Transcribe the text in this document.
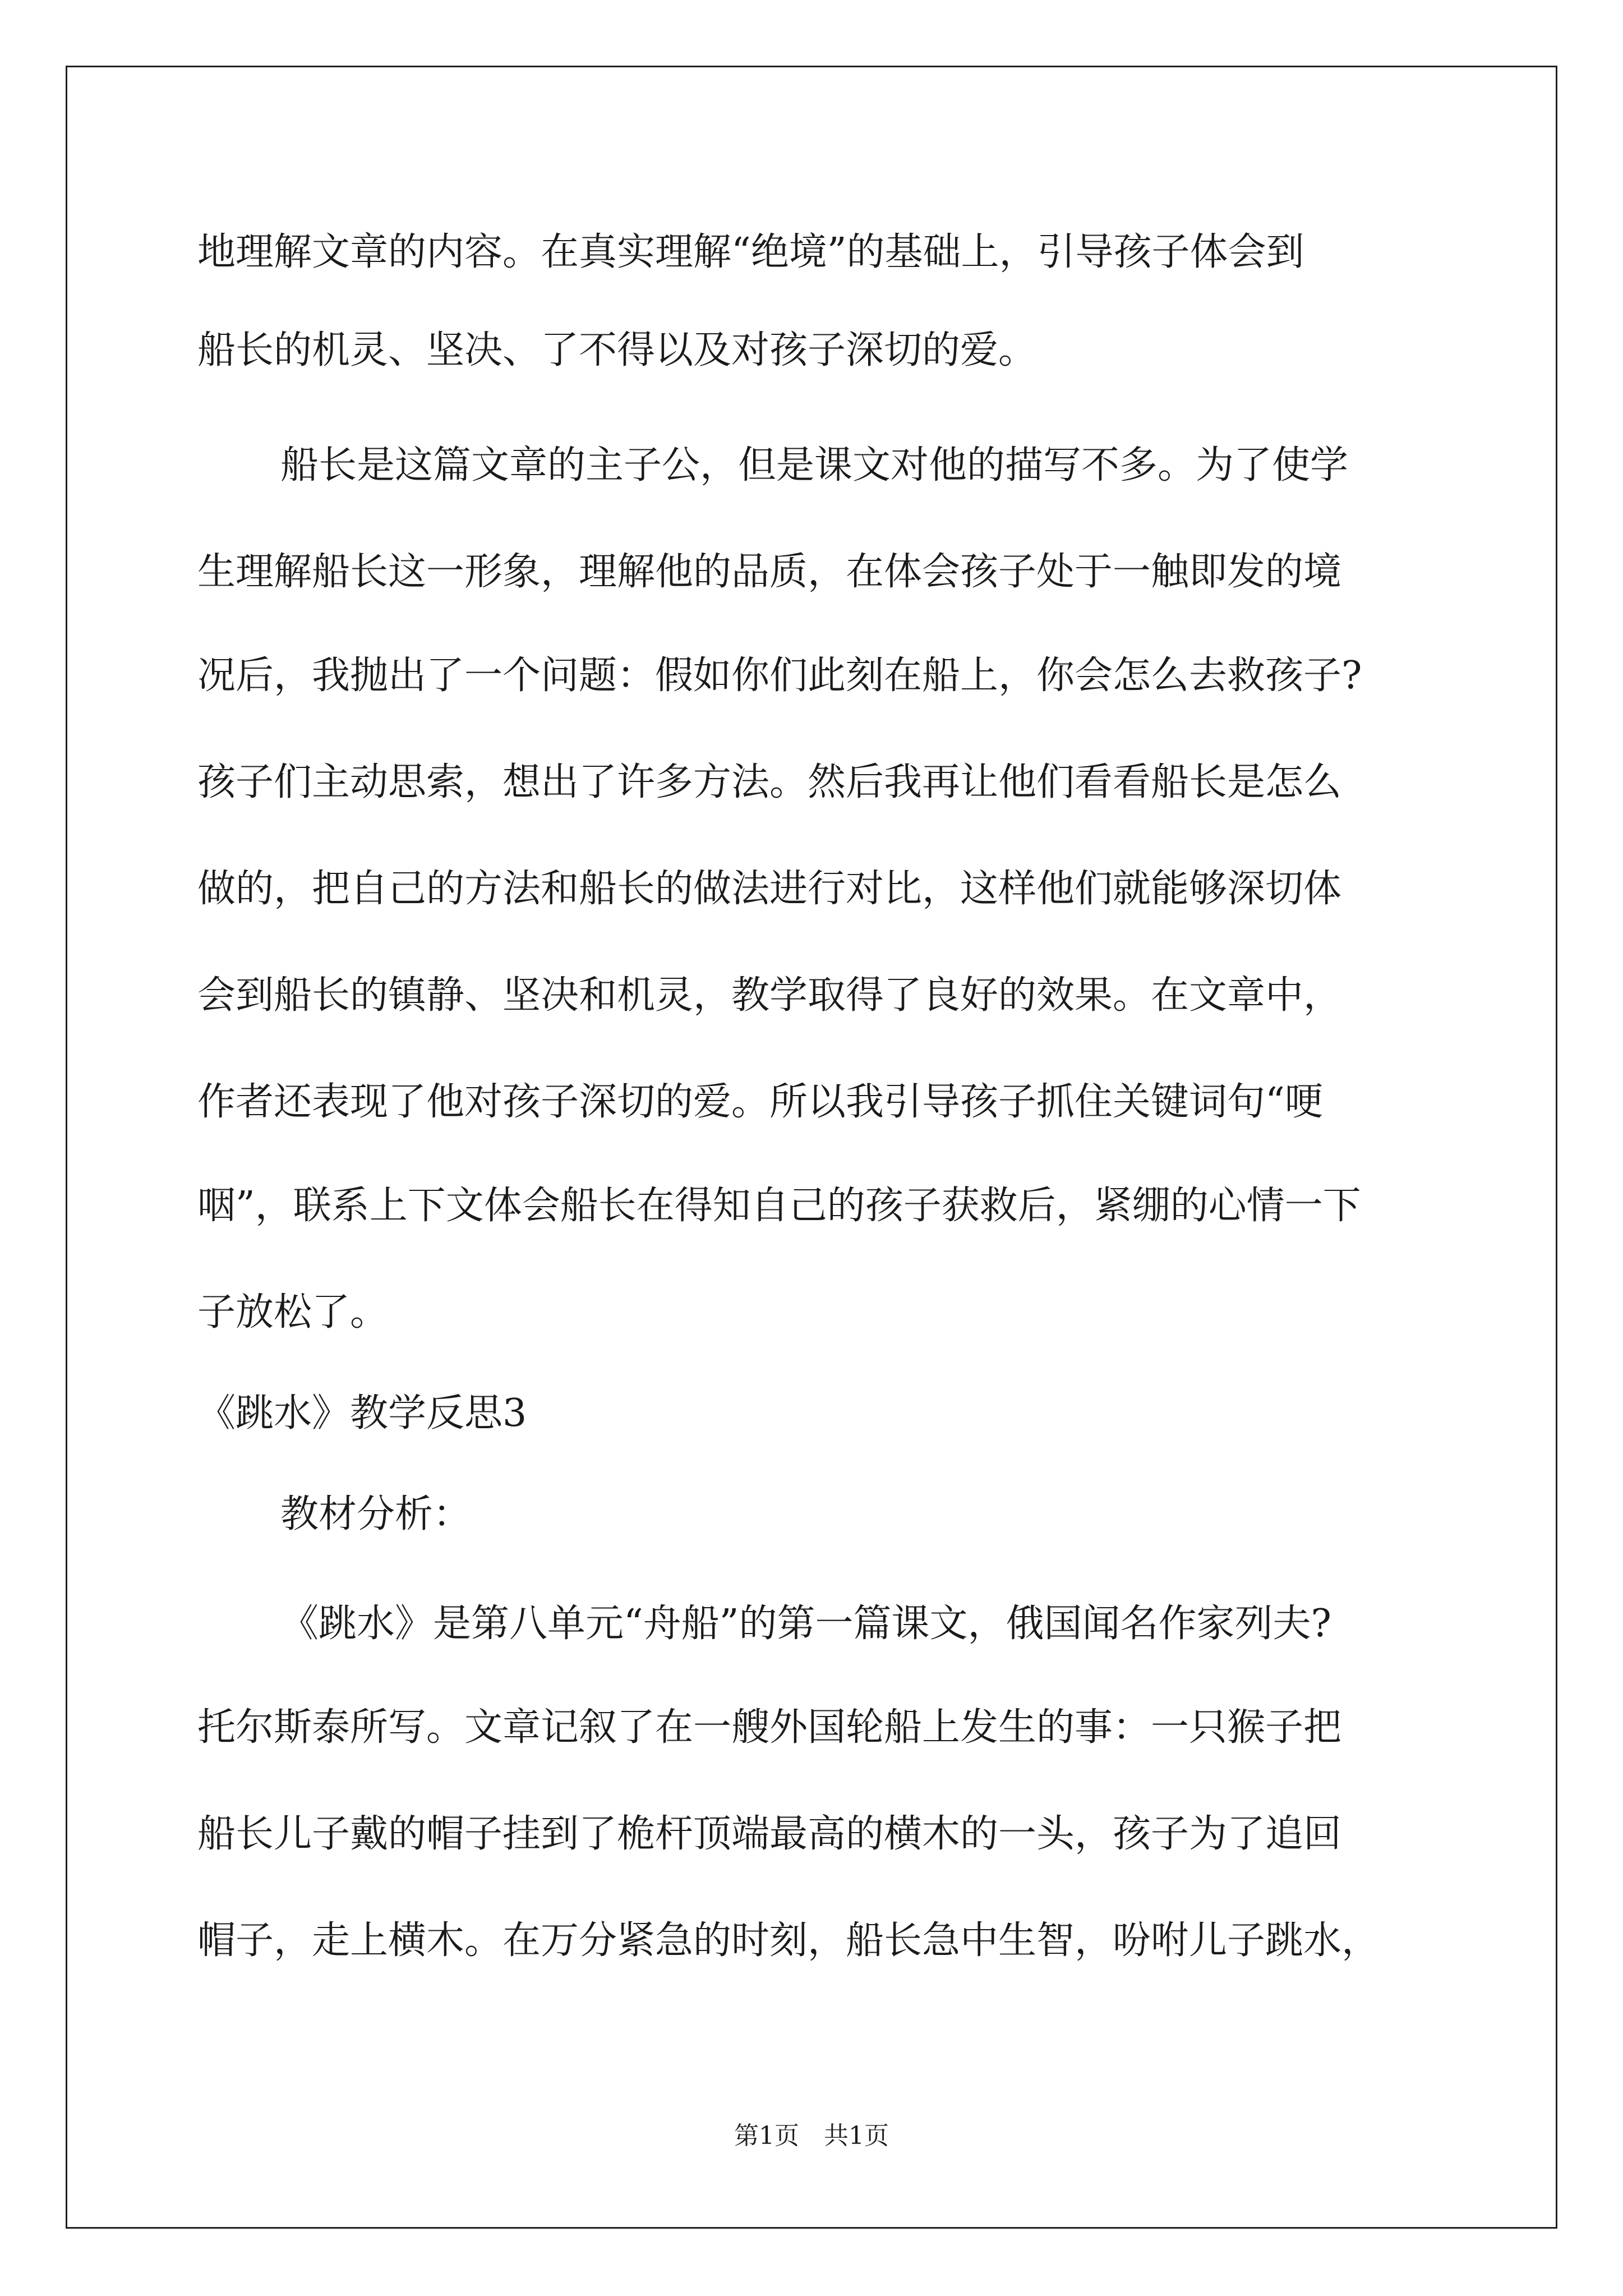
地理解文章的内容。在真实理解“绝境”的基础上，引导孩子体会到
船长的机灵、坚决、了不得以及对孩子深切的爱。
船长是这篇文章的主子公，但是课文对他的描写不多。为了使学
生理解船长这一形象，理解他的品质，在体会孩子处于一触即发的境
况后，我抛出了一个问题：假如你们此刻在船上，你会怎么去救孩子?
孩子们主动思索，想出了许多方法。然后我再让他们看看船长是怎么
做的，把自己的方法和船长的做法进行对比，这样他们就能够深切体
会到船长的镇静、坚决和机灵，教学取得了良好的效果。在文章中，
作者还表现了他对孩子深切的爱。所以我引导孩子抓住关键词句“哽
咽”，联系上下文体会船长在得知自己的孩子获救后，紧绷的心情一下
子放松了。
《跳水》教学反思3
教材分析：
《跳水》是第八单元“舟船”的第一篇课文，俄国闻名作家列夫?
托尔斯泰所写。文章记叙了在一艘外国轮船上发生的事：一只猴子把
船长儿子戴的帽子挂到了桅杆顶端最高的横木的一头，孩子为了追回
帽子，走上横木。在万分紧急的时刻，船长急中生智，吩咐儿子跳水，
第1页　共1页
